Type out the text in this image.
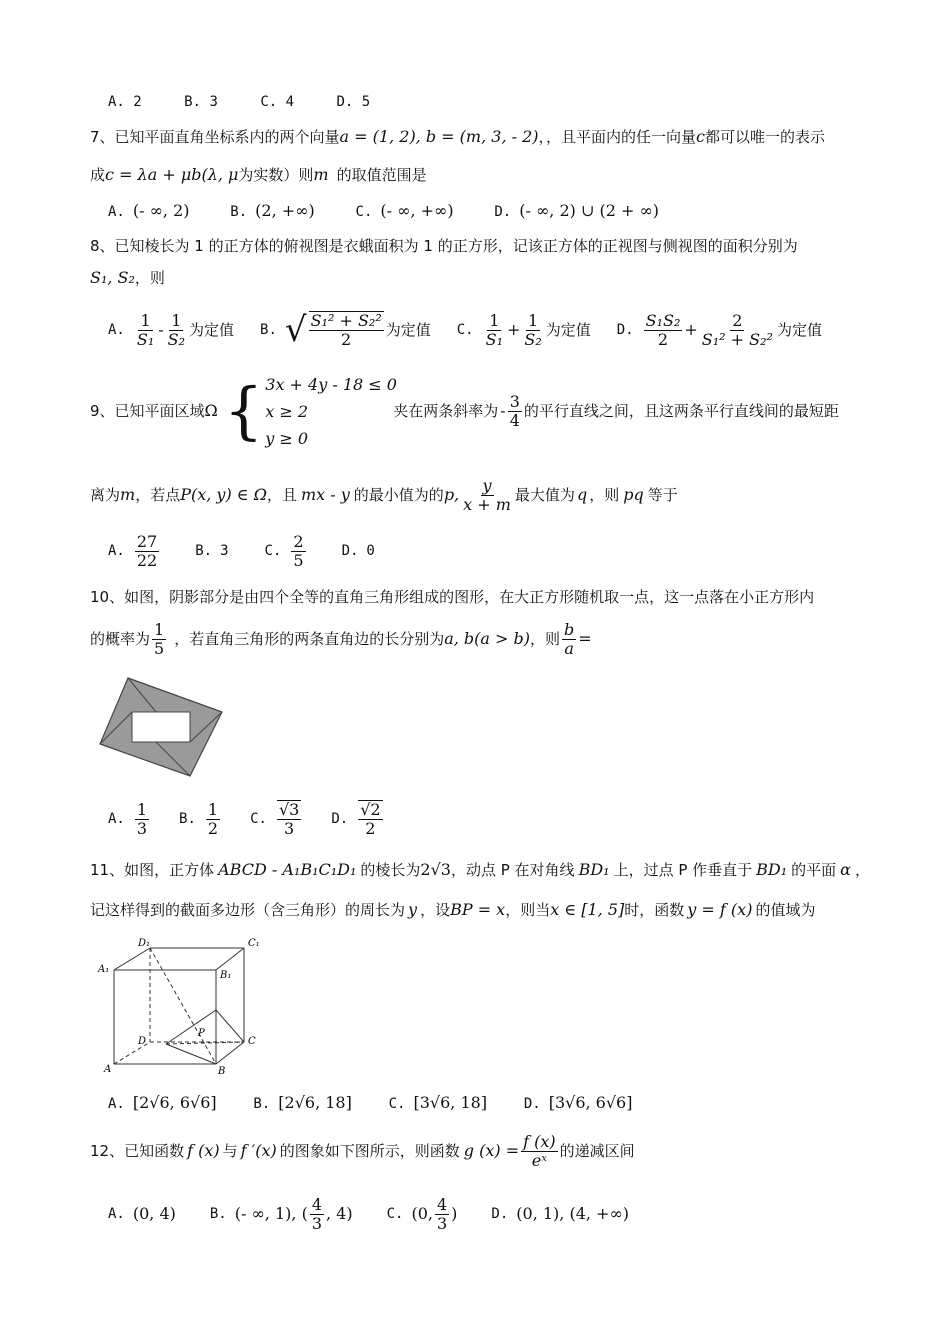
A. 2	B. 3	C. 4	D. 5
7、已知平面直角坐标系内的两个向量a = (1, 2), b = (m, 3, - 2)，，且平面内的任一向量c都可以唯一的表示
成c = λa + μb(λ, μ为实数）则m 的取值范围是
A. (- ∞, 2)	B. (2, +∞)	C. (- ∞, +∞)	D. (- ∞, 2) ∪ (2 + ∞)
8、已知棱长为 1 的正方体的俯视图是衣蛾面积为 1 的正方形，记该正方体的正视图与侧视图的面积分别为
S₁, S₂，则
A. $\frac{1}{\text{S₁}} - \frac{1}{\text{S₂}}$ 为定值 B. √ $\frac{\text{S₁² + S₂²}}{2}$ 为定值 C. $\frac{1}{\text{S₁}} + \frac{1}{\text{S₂}}$ 为定值 D. $\frac{\text{S₁S₂}}{2} + \frac{2}{\text{S₁² + S₂²}}$ 为定值
9、已知平面区域 Ω { 3x + 4y - 18 ≤ 0
x ≥ 2
y ≥ 0
夹在两条斜率为 - $\frac{3}{4}$ 的平行直线之间，且这两条平行直线间的最短距
离为 m ，若点 P(x, y) ∈ Ω ，且 mx - y 的最小值为的 p, $\frac{y}{x + m}$ 最大值为 q ，则 pq 等于
A. $\frac{27}{22}$	B. 3	C. $\frac{2}{5}$	D. 0
10、如图，阴影部分是由四个全等的直角三角形组成的图形，在大正方形随机取一点，这一点落在小正方形内
的概率为 $\frac{1}{5}$ ，若直角三角形的两条直角边的长分别为 a, b(a > b) ，则 $\frac{b}{a}$ =
A. $\frac{1}{3} B$. $\frac{1}{2} C$. $\frac{√3}{3} D$. $\frac{√2}{2}$
11、如图，正方体 ABCD - A₁B₁C₁D₁ 的棱长为2√3，动点 P 在对角线 BD₁ 上，过点 P 作垂直于 BD₁ 的平面 α ，
记这样得到的截面多边形（含三角形）的周长为 y ，设BP = x，则当x ∈ [1, 5]时，函数 y = f (x) 的值域为
D₁	C₁
A₁
B₁
P
D	C
A	B
A. [2√6, 6√6]	B. [2√6, 18]	C. [3√6, 18]	D. [3√6, 6√6]
12、已知函数 f (x) 与 f ′(x) 的图象如下图所示，则函数 g $(x) = \frac{f (x)}{\text{eˣ}}$ 的递减区间
A. (0, 4) B. (- ∞, 1), ( $\frac{4}{3}$ , 4) C. (0, $\frac{4}{3}$ ) D. (0, 1), (4, +∞)
